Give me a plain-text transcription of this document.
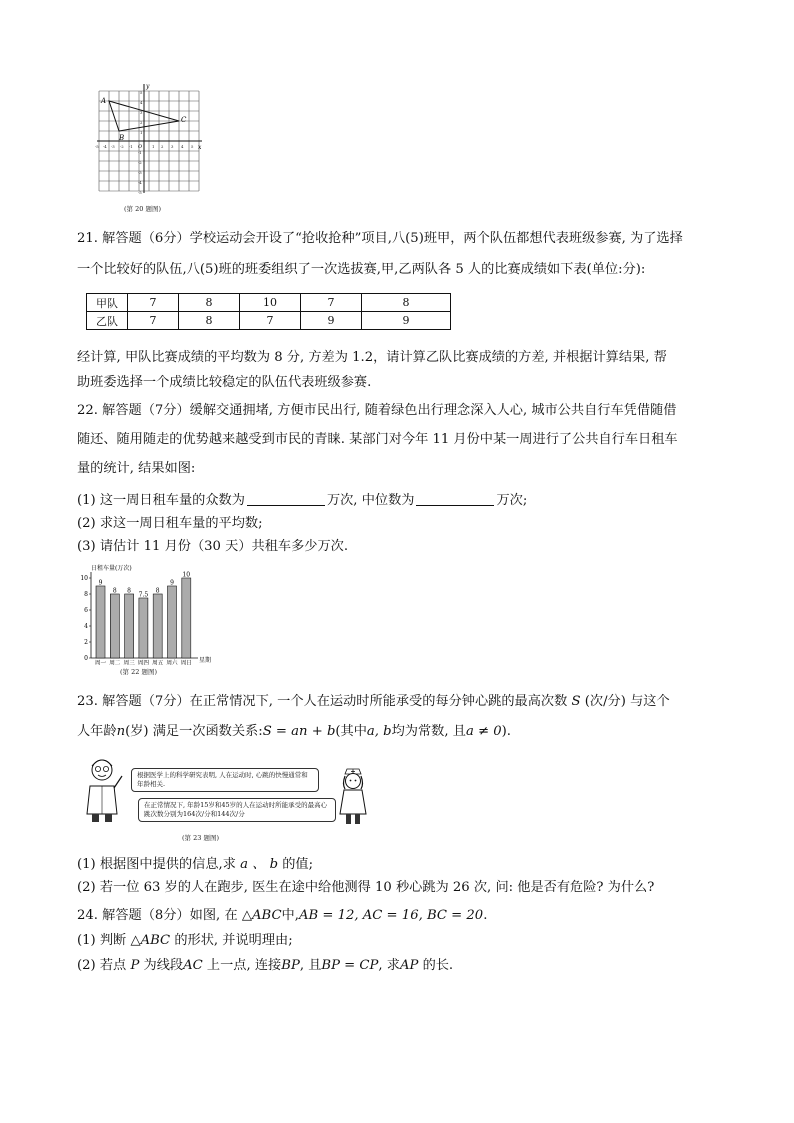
A
B
C
y
x
O
-5 -4 -3 -2 -1	1 2 3 4 5
5
4
3
2
1
-1
-2
-3
-4
-5
(第 20 题图)
21. 解答题（6分）学校运动会开设了“抢收抢种”项目,八(5)班甲，两个队伍都想代表班级参赛, 为了选择
一个比较好的队伍,八(5)班的班委组织了一次选拔赛,甲,乙两队各 5 人的比赛成绩如下表(单位:分):
甲队	7	8	10	7	8
乙队	7	8	7	9	9
经计算, 甲队比赛成绩的平均数为 8 分, 方差为 1.2，请计算乙队比赛成绩的方差, 并根据计算结果, 帮
助班委选择一个成绩比较稳定的队伍代表班级参赛.
22. 解答题（7分）缓解交通拥堵, 方便市民出行, 随着绿色出行理念深入人心, 城市公共自行车凭借随借
随还、随用随走的优势越来越受到市民的青睐. 某部门对今年 11 月份中某一周进行了公共自行车日租车
量的统计, 结果如图:
(1) 这一周日租车量的众数为	万次, 中位数为	万次;
(2) 求这一周日租车量的平均数;
(3) 请估计 11 月份（30 天）共租车多少万次.
日租车量(万次)
星期
0
2
4
6
8
10
9
周一
8
周二
8
周三
7.5
周四
8
周五
9
周六
10
周日
(第 22 题图)
23. 解答题（7分）在正常情况下, 一个人在运动时所能承受的每分钟心跳的最高次数 S (次/分) 与这个
人年龄n(岁) 满足一次函数关系:S = an + b(其中a, b均为常数, 且a ≠ 0).
根据医学上的科学研究表明, 人在运动时, 心跳的快慢通常和年龄相关.
在正常情况下, 年龄15岁和45岁的人在运动时所能承受的最高心跳次数分别为164次/分和144次/分
(第 23 题图)
(1) 根据图中提供的信息,求 a 、 b 的值;
(2) 若一位 63 岁的人在跑步, 医生在途中给他测得 10 秒心跳为 26 次, 问: 他是否有危险? 为什么?
24. 解答题（8分）如图, 在 △ABC中,AB = 12, AC = 16, BC = 20.
(1) 判断 △ABC 的形状, 并说明理由;
(2) 若点 P 为线段AC 上一点, 连接BP, 且BP = CP, 求AP 的长.
